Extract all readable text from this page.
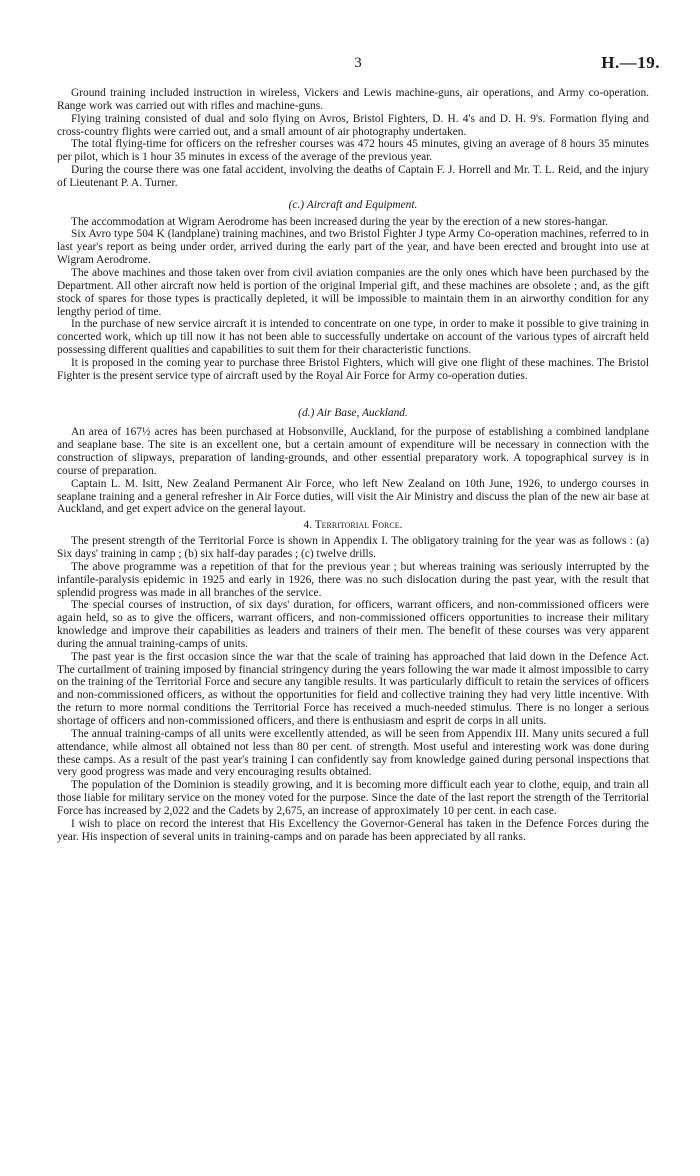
3	H.—19.

Ground training included instruction in wireless, Vickers and Lewis machine-guns, air operations, and Army co-operation. Range work was carried out with rifles and machine-guns.

Flying training consisted of dual and solo flying on Avros, Bristol Fighters, D. H. 4's and D. H. 9's. Formation flying and cross-country flights were carried out, and a small amount of air photography undertaken.

The total flying-time for officers on the refresher courses was 472 hours 45 minutes, giving an average of 8 hours 35 minutes per pilot, which is 1 hour 35 minutes in excess of the average of the previous year.

During the course there was one fatal accident, involving the deaths of Captain F. J. Horrell and Mr. T. L. Reid, and the injury of Lieutenant P. A. Turner.

(c.) Aircraft and Equipment.

The accommodation at Wigram Aerodrome has been increased during the year by the erection of a new stores-hangar.

Six Avro type 504 K (landplane) training machines, and two Bristol Fighter J type Army Co-operation machines, referred to in last year's report as being under order, arrived during the early part of the year, and have been erected and brought into use at Wigram Aerodrome.

The above machines and those taken over from civil aviation companies are the only ones which have been purchased by the Department. All other aircraft now held is portion of the original Imperial gift, and these machines are obsolete ; and, as the gift stock of spares for those types is practically depleted, it will be impossible to maintain them in an airworthy condition for any lengthy period of time.

In the purchase of new service aircraft it is intended to concentrate on one type, in order to make it possible to give training in concerted work, which up till now it has not been able to successfully undertake on account of the various types of aircraft held possessing different qualities and capabilities to suit them for their characteristic functions.

It is proposed in the coming year to purchase three Bristol Fighters, which will give one flight of these machines. The Bristol Fighter is the present service type of aircraft used by the Royal Air Force for Army co-operation duties.

(d.) Air Base, Auckland.

An area of 167½ acres has been purchased at Hobsonville, Auckland, for the purpose of establishing a combined landplane and seaplane base. The site is an excellent one, but a certain amount of expenditure will be necessary in connection with the construction of slipways, preparation of landing-grounds, and other essential preparatory work. A topographical survey is in course of preparation.

Captain L. M. Isitt, New Zealand Permanent Air Force, who left New Zealand on 10th June, 1926, to undergo courses in seaplane training and a general refresher in Air Force duties, will visit the Air Ministry and discuss the plan of the new air base at Auckland, and get expert advice on the general layout.

4. Territorial Force.

The present strength of the Territorial Force is shown in Appendix I. The obligatory training for the year was as follows : (a) Six days' training in camp ; (b) six half-day parades ; (c) twelve drills.

The above programme was a repetition of that for the previous year ; but whereas training was seriously interrupted by the infantile-paralysis epidemic in 1925 and early in 1926, there was no such dislocation during the past year, with the result that splendid progress was made in all branches of the service.

The special courses of instruction, of six days' duration, for officers, warrant officers, and non-commissioned officers were again held, so as to give the officers, warrant officers, and non-commissioned officers opportunities to increase their military knowledge and improve their capabilities as leaders and trainers of their men. The benefit of these courses was very apparent during the annual training-camps of units.

The past year is the first occasion since the war that the scale of training has approached that laid down in the Defence Act. The curtailment of training imposed by financial stringency during the years following the war made it almost impossible to carry on the training of the Territorial Force and secure any tangible results. It was particularly difficult to retain the services of officers and non-commissioned officers, as without the opportunities for field and collective training they had very little incentive. With the return to more normal conditions the Territorial Force has received a much-needed stimulus. There is no longer a serious shortage of officers and non-commissioned officers, and there is enthusiasm and esprit de corps in all units.

The annual training-camps of all units were excellently attended, as will be seen from Appendix III. Many units secured a full attendance, while almost all obtained not less than 80 per cent. of strength. Most useful and interesting work was done during these camps. As a result of the past year's training I can confidently say from knowledge gained during personal inspections that very good progress was made and very encouraging results obtained.

The population of the Dominion is steadily growing, and it is becoming more difficult each year to clothe, equip, and train all those liable for military service on the money voted for the purpose. Since the date of the last report the strength of the Territorial Force has increased by 2,022 and the Cadets by 2,675, an increase of approximately 10 per cent. in each case.

I wish to place on record the interest that His Excellency the Governor-General has taken in the Defence Forces during the year. His inspection of several units in training-camps and on parade has been appreciated by all ranks.
